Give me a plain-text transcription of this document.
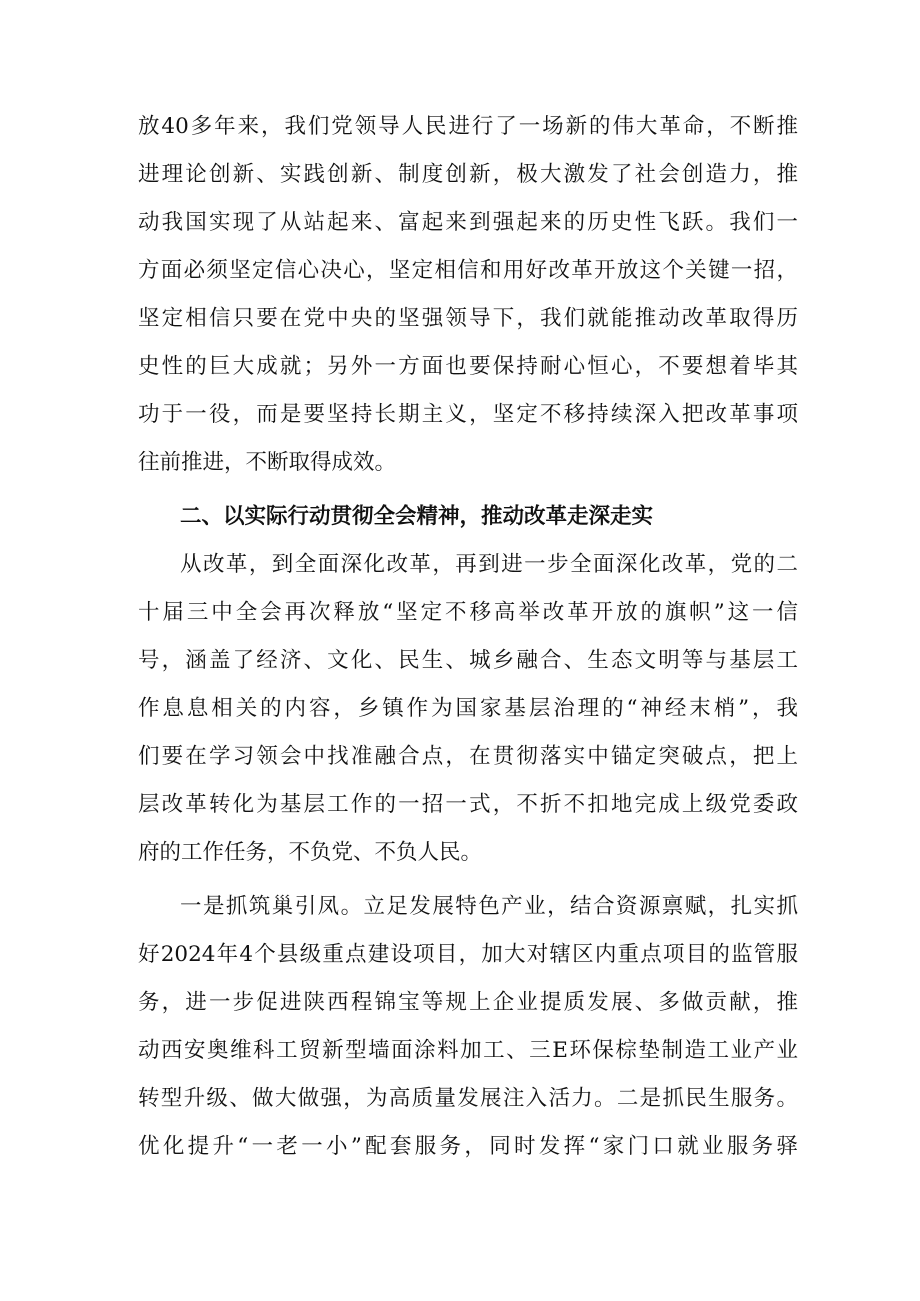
放40多年来，我们党领导人民进行了一场新的伟大革命，不断推
进理论创新、实践创新、制度创新，极大激发了社会创造力，推
动我国实现了从站起来、富起来到强起来的历史性飞跃。我们一
方面必须坚定信心决心，坚定相信和用好改革开放这个关键一招，
坚定相信只要在党中央的坚强领导下，我们就能推动改革取得历
史性的巨大成就；另外一方面也要保持耐心恒心，不要想着毕其
功于一役，而是要坚持长期主义，坚定不移持续深入把改革事项
往前推进，不断取得成效。
二、以实际行动贯彻全会精神，推动改革走深走实
从改革，到全面深化改革，再到进一步全面深化改革，党的二
十届三中全会再次释放“坚定不移高举改革开放的旗帜”这一信
号，涵盖了经济、文化、民生、城乡融合、生态文明等与基层工
作息息相关的内容，乡镇作为国家基层治理的“神经末梢”，我
们要在学习领会中找准融合点，在贯彻落实中锚定突破点，把上
层改革转化为基层工作的一招一式，不折不扣地完成上级党委政
府的工作任务，不负党、不负人民。
一是抓筑巢引凤。立足发展特色产业，结合资源禀赋，扎实抓
好2024年4个县级重点建设项目，加大对辖区内重点项目的监管服
务，进一步促进陕西程锦宝等规上企业提质发展、多做贡献，推
动西安奥维科工贸新型墙面涂料加工、三E环保棕垫制造工业产业
转型升级、做大做强，为高质量发展注入活力。二是抓民生服务。
优化提升“一老一小”配套服务，同时发挥“家门口就业服务驿
